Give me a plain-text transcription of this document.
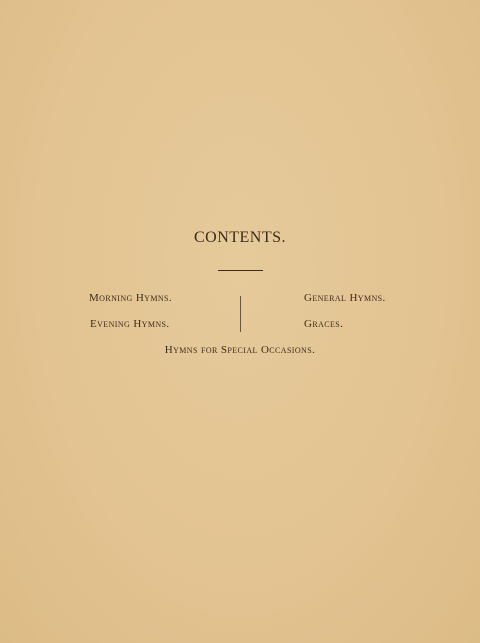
CONTENTS.
Morning Hymns.
Evening Hymns.
General Hymns.
Graces.
Hymns for Special Occasions.
